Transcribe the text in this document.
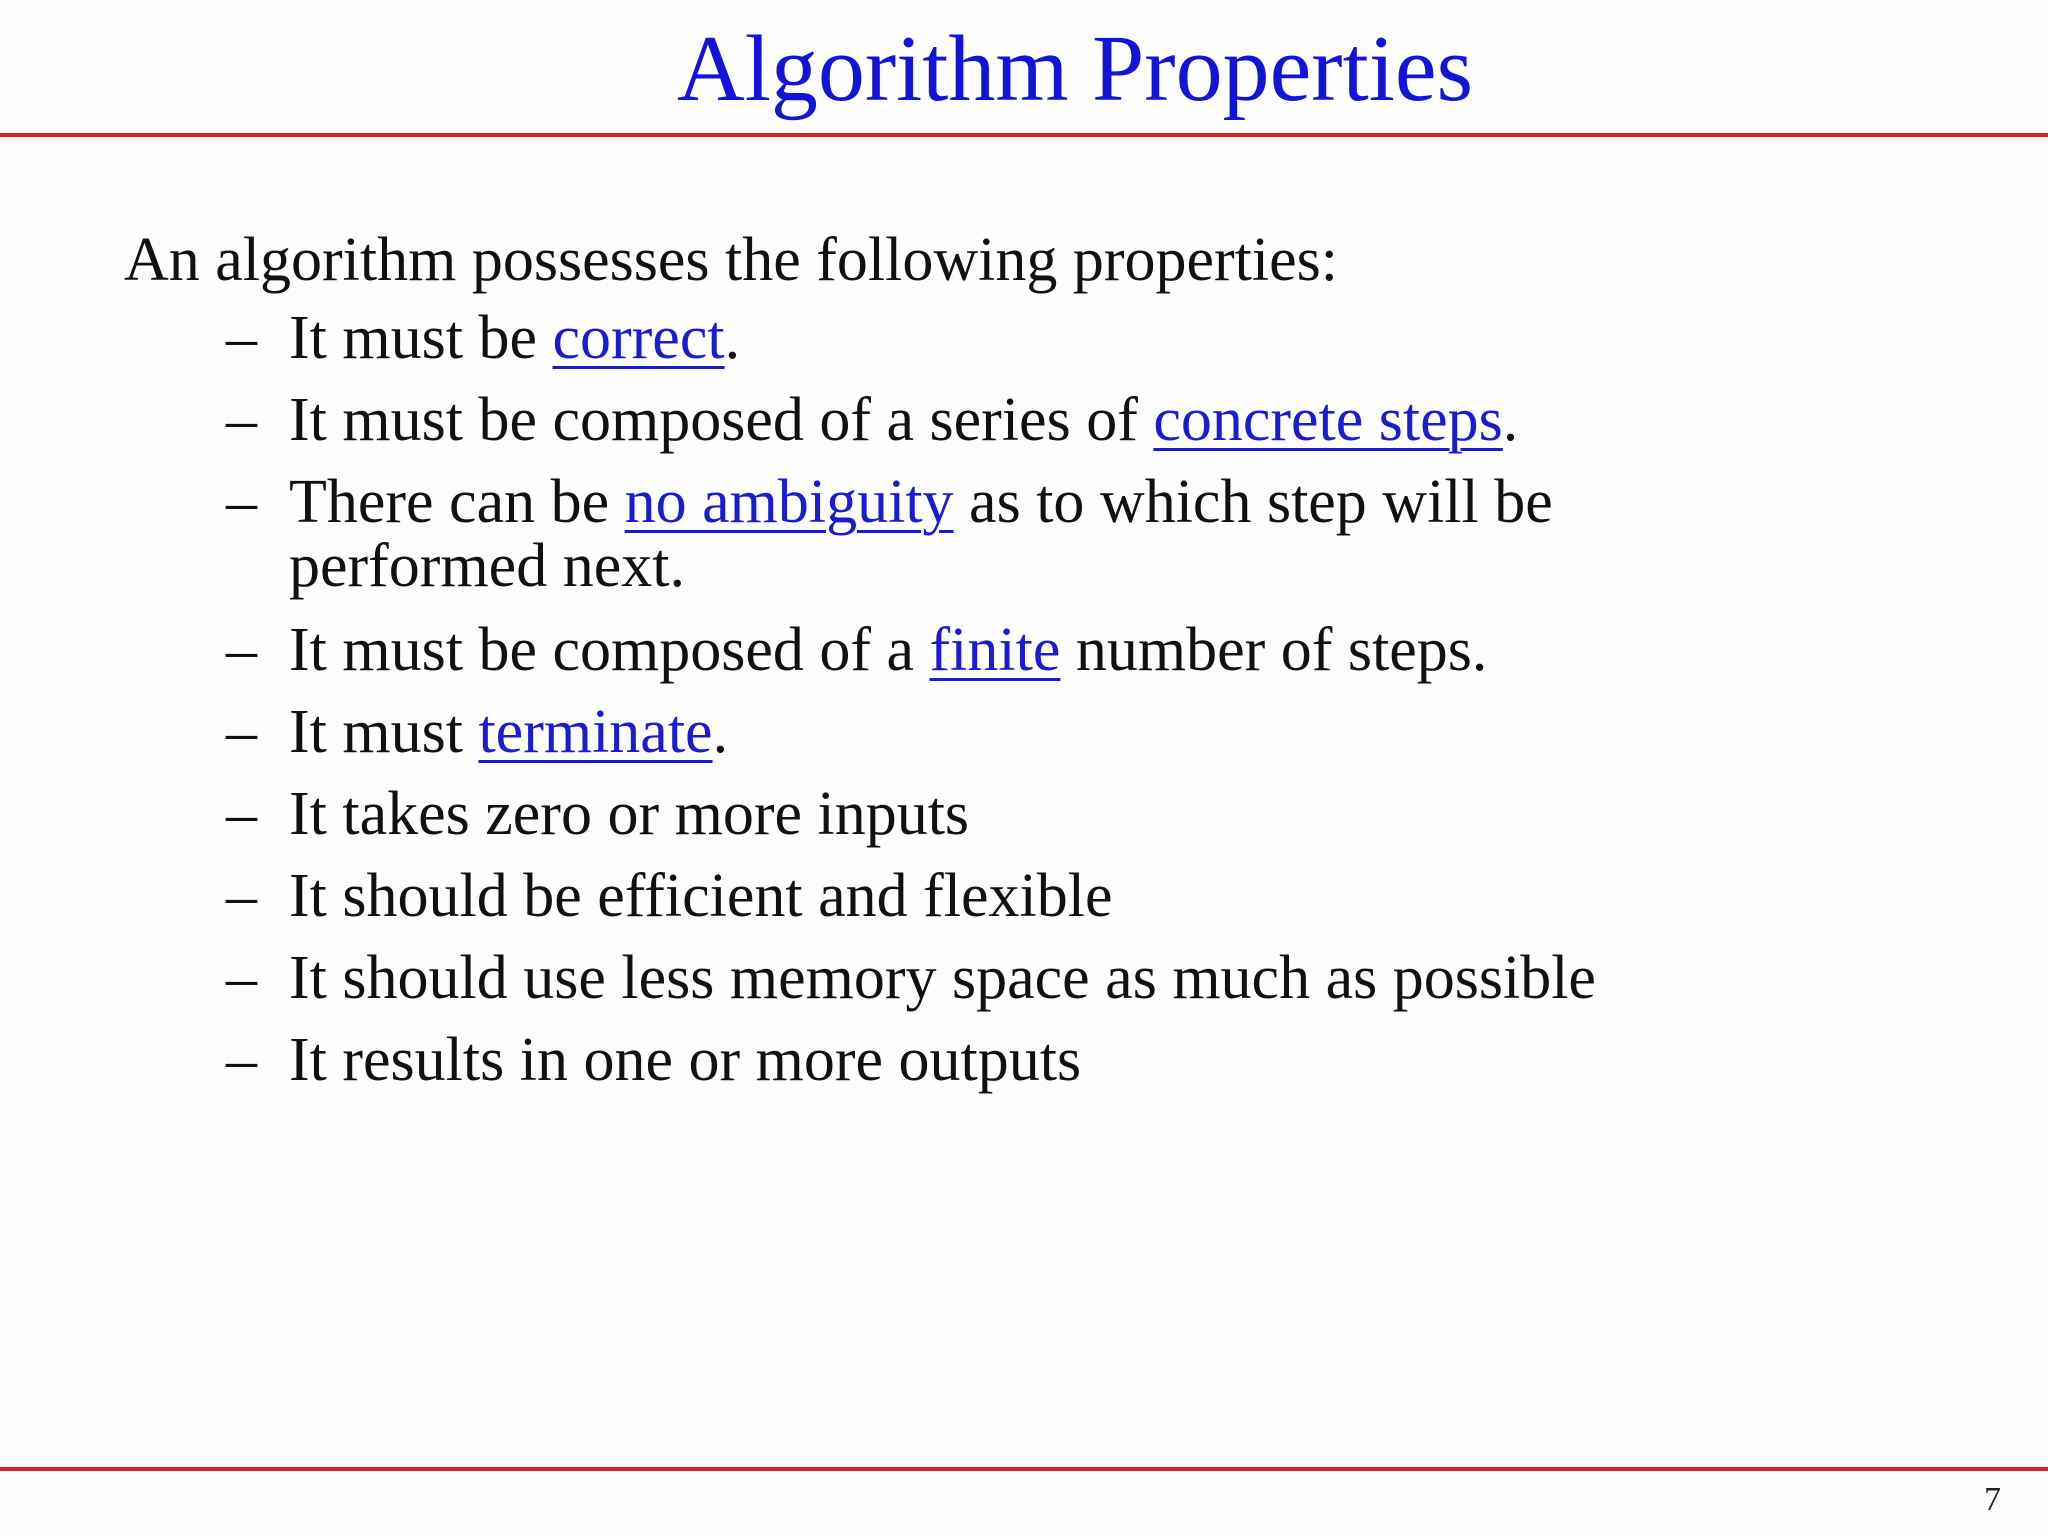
Algorithm Properties
An algorithm possesses the following properties:
– It must be correct.
– It must be composed of a series of concrete steps.
– There can be no ambiguity as to which step will be
performed next.
– It must be composed of a finite number of steps.
– It must terminate.
– It takes zero or more inputs
– It should be efficient and flexible
– It should use less memory space as much as possible
– It results in one or more outputs
7
